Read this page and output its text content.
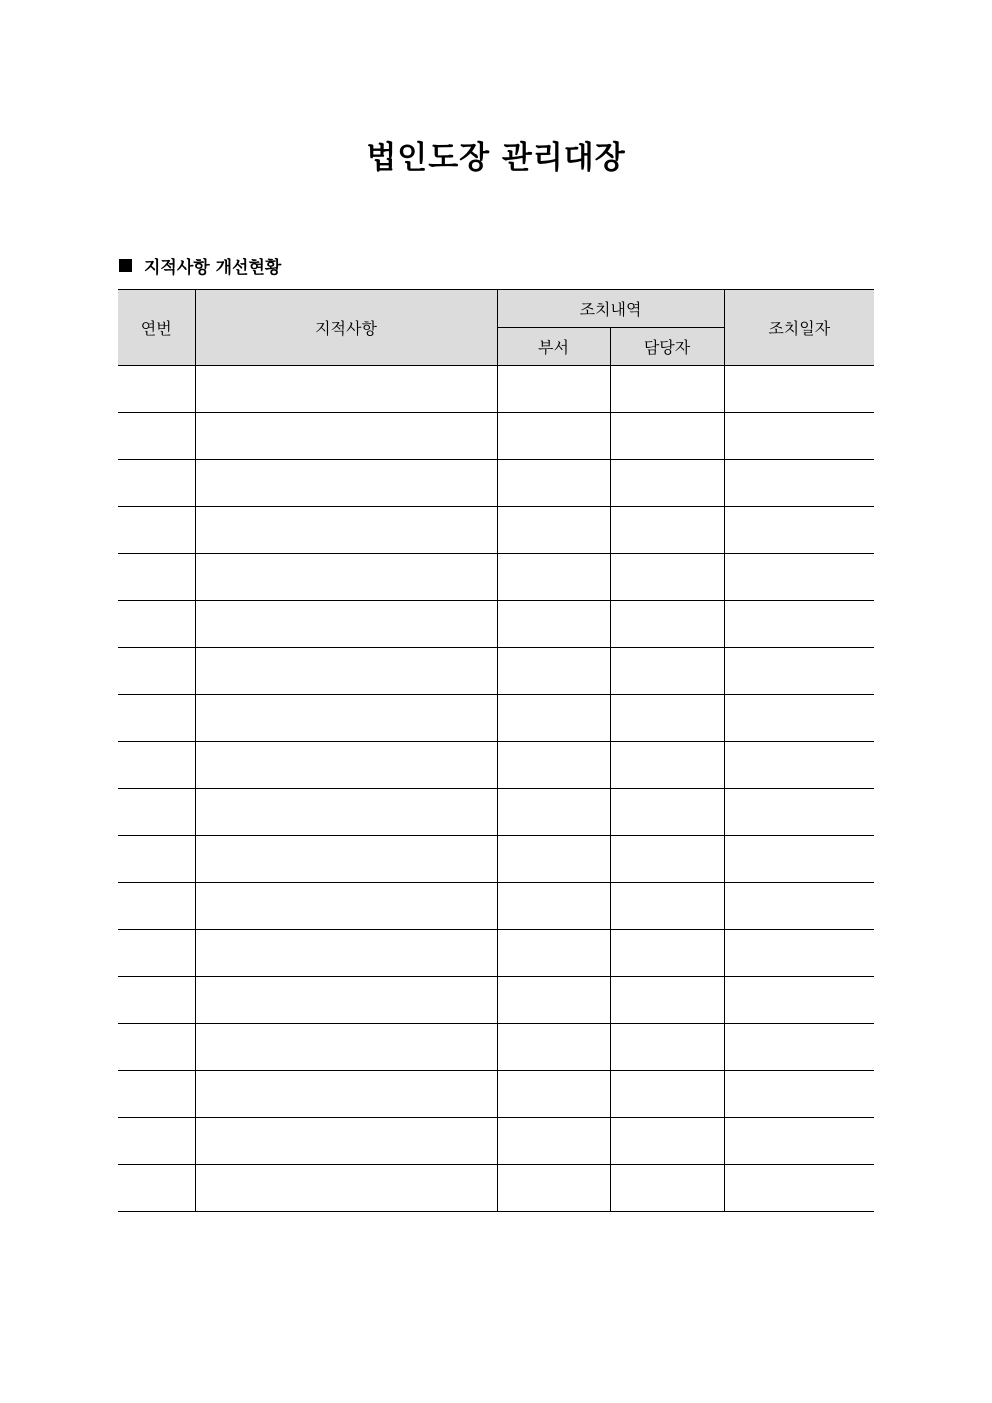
법인도장 관리대장
지적사항 개선현황
연번	지적사항	조치내역		조치일자
		부서	담당자	
